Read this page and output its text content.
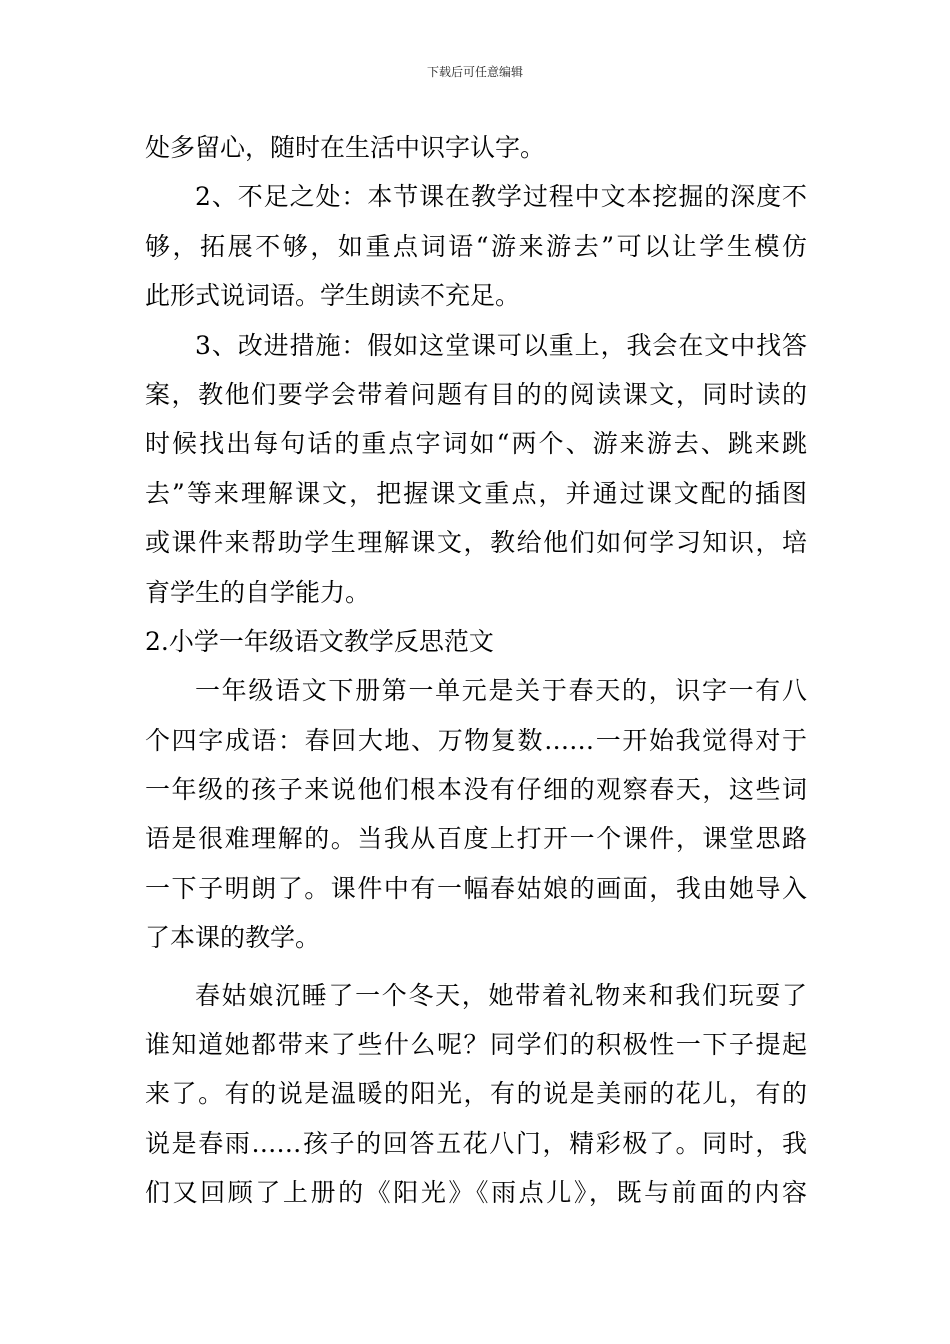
下载后可任意编辑
处多留心，随时在生活中识字认字。
2、不足之处：本节课在教学过程中文本挖掘的深度不
够，拓展不够，如重点词语“游来游去”可以让学生模仿
此形式说词语。学生朗读不充足。
3、改进措施：假如这堂课可以重上，我会在文中找答
案，教他们要学会带着问题有目的的阅读课文，同时读的
时候找出每句话的重点字词如“两个、游来游去、跳来跳
去”等来理解课文，把握课文重点，并通过课文配的插图
或课件来帮助学生理解课文，教给他们如何学习知识，培
育学生的自学能力。
2.小学一年级语文教学反思范文
一年级语文下册第一单元是关于春天的，识字一有八
个四字成语：春回大地、万物复数……一开始我觉得对于
一年级的孩子来说他们根本没有仔细的观察春天，这些词
语是很难理解的。当我从百度上打开一个课件，课堂思路
一下子明朗了。课件中有一幅春姑娘的画面，我由她导入
了本课的教学。
春姑娘沉睡了一个冬天，她带着礼物来和我们玩耍了
谁知道她都带来了些什么呢？同学们的积极性一下子提起
来了。有的说是温暖的阳光，有的说是美丽的花儿，有的
说是春雨……孩子的回答五花八门，精彩极了。同时，我
们又回顾了上册的《阳光》《雨点儿》，既与前面的内容
